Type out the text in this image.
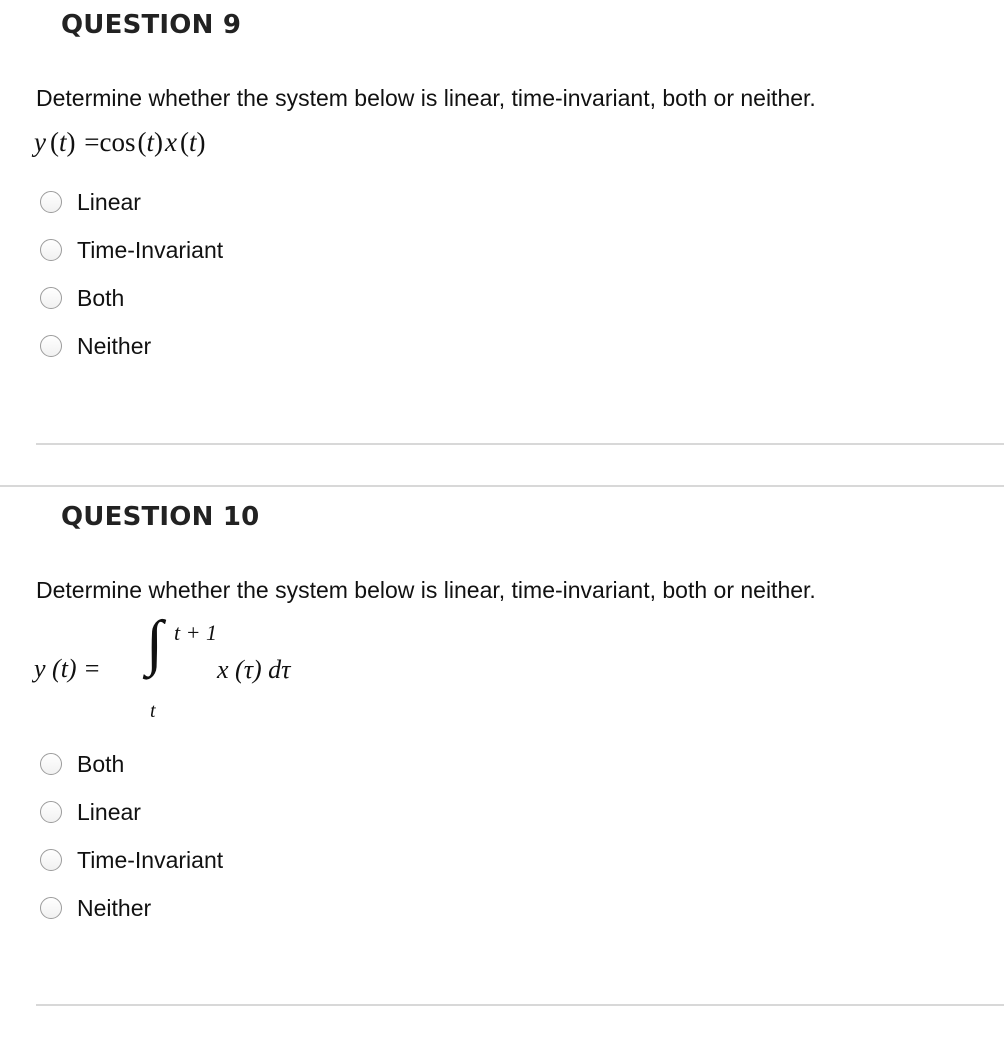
QUESTION 9
Determine whether the system below is linear, time-invariant, both or neither.
y (t) =cos(t)x (t)
Linear
Time-Invariant
Both
Neither
QUESTION 10
Determine whether the system below is linear, time-invariant, both or neither.
y (t) = ∫ t + 1
t
x (τ) dτ
Both
Linear
Time-Invariant
Neither
